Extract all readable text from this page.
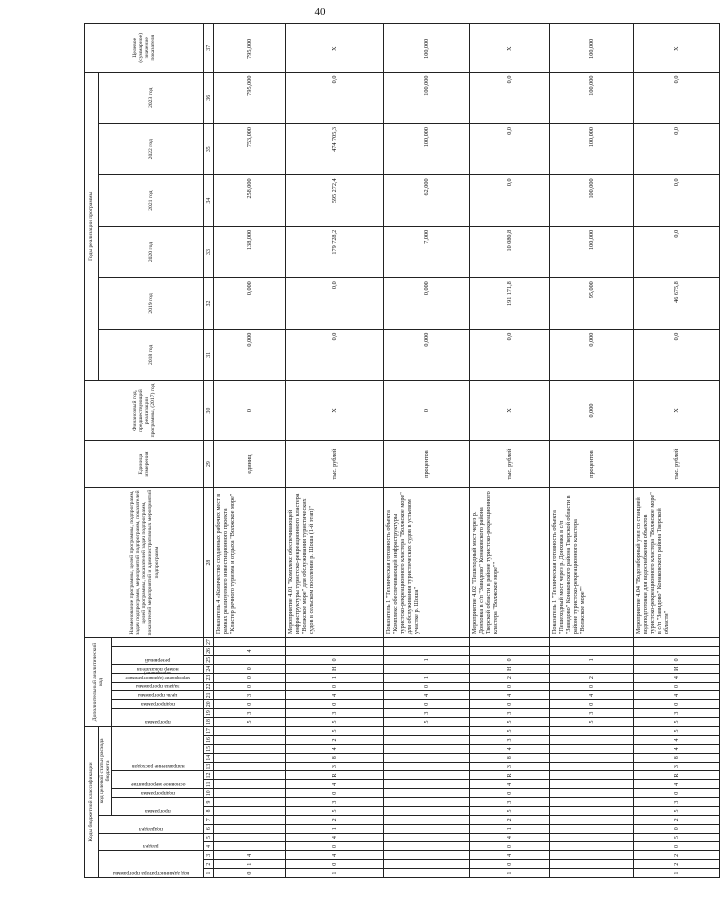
40
Коды бюджетной классификации																	Дополнительный аналитический код										Наименование программы, целей программы, подпрограмм, задач подпрограмм, мероприятий подпрограмм, показателей целей программы, показателей задач подпрограмм, показателей мероприятий и административных мероприятий подпрограмм	Единица измерения	Финансовый год, предшествующий реализации программы, (2017) год	Годы реализации программы						Целевое (суммарное) значение показателя

код администратора программы			раздел		подраздел		код целевой статьи расхода бюджета																							2018 год	2019 год	2020 год	2021 год	2022 год	2023 год	

							программа		подпрограмма	основное мероприятие		направление расходов					программа		подпрограмма	цель программы	задача программы	мероприятие (административное мероприятие)	номер показателя	резервный												

1	2	3	4	5	6	7	8	9	10	11	12	13	14	15	16	17	18	19	20	21	22	23	24	25	26	27	28	29	30	31	32	33	34	35	36	37
0	1	4															5	3	0	3	0	0	0		4		Показатель 4 «Количество созданных рабочих мест в рамках реализуемого инвестиционного проекта "Кластер речного туризма и отдыха "Волжское море"	единиц	0	0,000	0,000	138,000	258,000	753,000	795,000	795,000
1	0	4	0	4	1	2	5	3	0	4	R	3	8	4	2	5	5	3	0	4	0	1	Н	0			Мероприятие 4.01 "Комплекс обеспечивающей инфраструктуры туристско-рекреационного кластера "Волжское море" для обслуживания туристических судов в сельском поселении р. Шоша (1-й этап)"	тыс. рублей	X	0,0	0,0	179 728,2	595 272,4	474 705,3	0,0	X
																	5	3	0	4	0	1		1			Показатель 1 "Техническая готовность объекта "Комплекс обеспечивающей инфраструктуры туристско-рекреационного кластера "Волжское море" для обслуживания туристических судов в устьевом участке р. Шоша"	процентов	0	0,000	0,000	7,000	62,000	100,000	100,000	100,000
1	0	4	0	4	1	2	5	3	0	4	R	3	8	4	3	5	5	3	0	4	0	2	Н	0			Мероприятие 4.02 "Пешеходный мост через р. Донховка в с/п "Завидово" Конаковского района Тверской области в районе туристско-рекреационного кластера "Волжское море""	тыс. рублей	X	0,0	191 171,8	10 080,8	0,0	0,0	0,0	X
																	5	3	0	4	0	2		1			Показатель 1 "Техническая готовность объекта "Пешеходный мост через р. Донховка в с/п "Завидово" Конаковского района Тверской области в районе туристско-рекреационного кластера "Волжское море""	процентов	0,000	0,000	95,000	100,000	100,000	100,000	100,000	100,000
1	2	2	0	5	0	2	5	3	0	4	R	3	8	4	4	5	5	3	0	4	0	4	И	0			Мероприятие 4.04 "Водозаборный узел со станцией водоподготовки для водоснабжения объектов туристско-рекреационного кластера "Волжское море" в с/п "Завидово" Конаковского района Тверской области"	тыс. рублей	X	0,0	46 675,8	0,0	0,0	0,0	0,0	X
